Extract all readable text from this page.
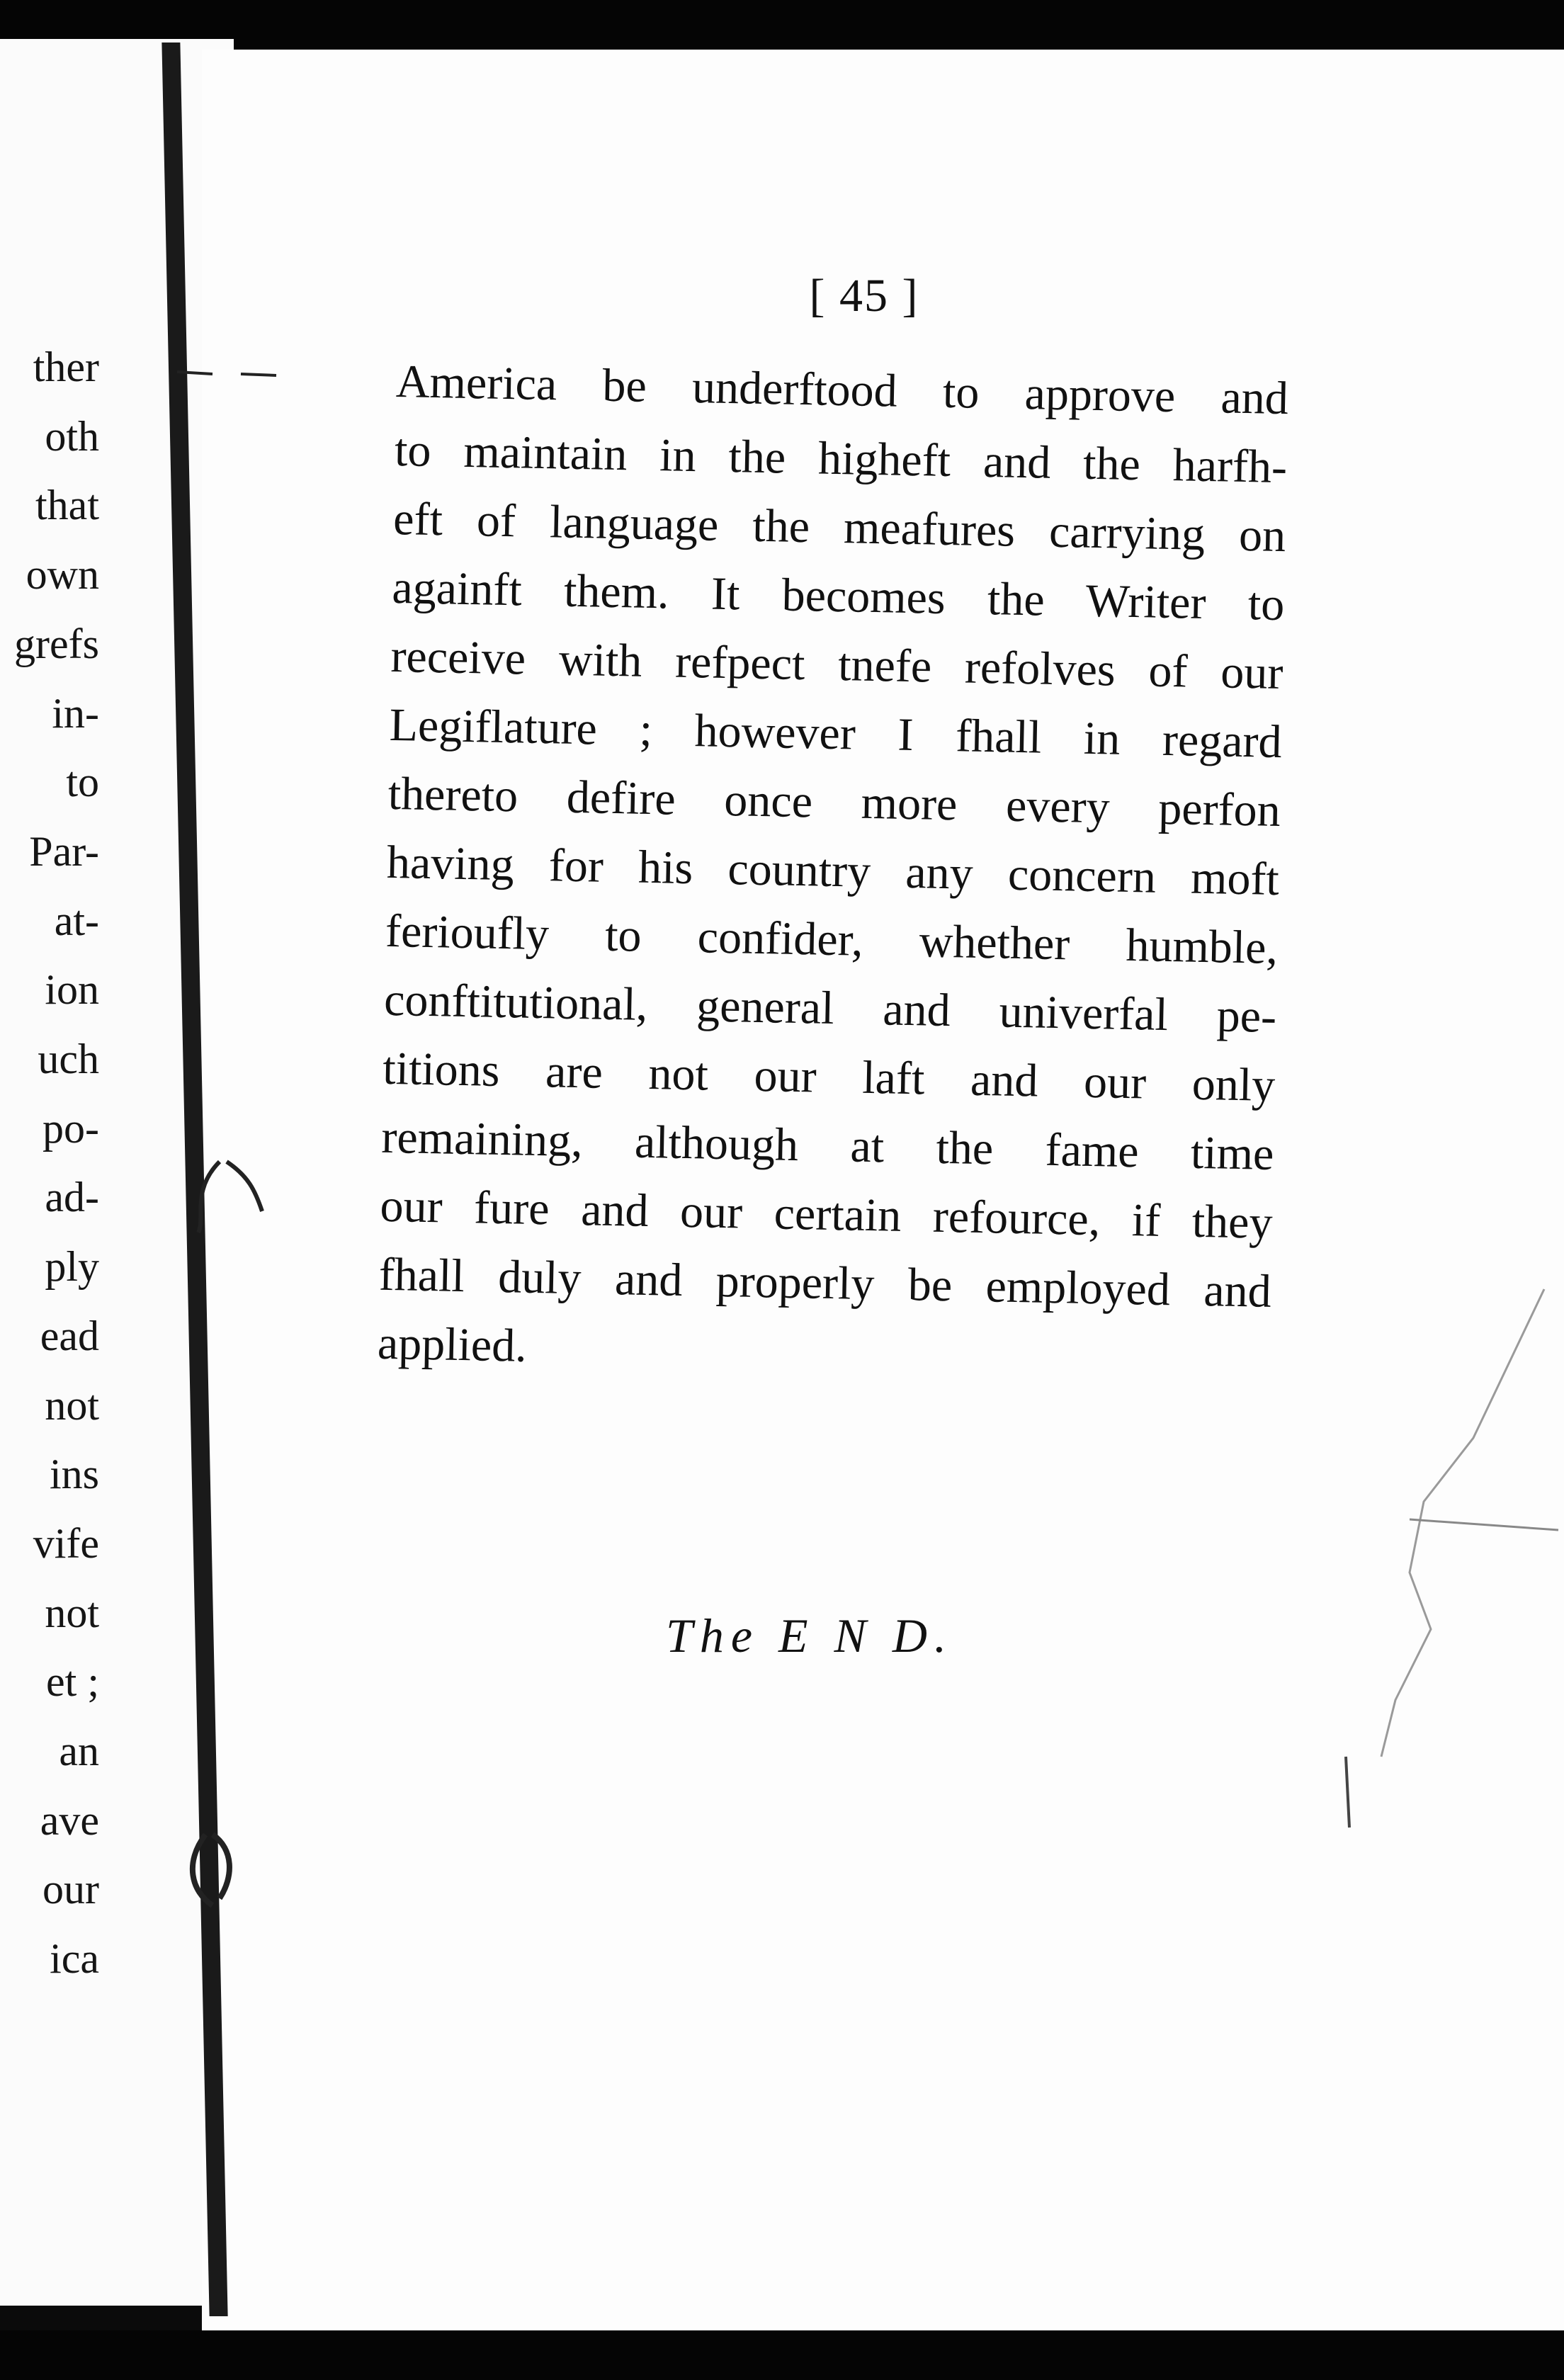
ther
oth
that
own
grefs
in-
to
Par-
at-
ion
uch
po-
ad-
ply
ead
not
ins
vife
not
et ;
an
ave
our
ica
[ 45 ]
America be underftood to approve and
to maintain in the higheft and the harfh-
eft of language the meafures carrying on
againft them. It becomes the Writer to
receive with refpect tnefe refolves of our
Legiflature ; however I fhall in regard
thereto defire once more every perfon
having for his country any concern moft
ferioufly to confider, whether humble,
conftitutional, general and univerfal pe-
titions are not our laft and our only
remaining, although at the fame time
our fure and our certain refource, if they
fhall duly and properly be employed and
applied.
The E N D.
